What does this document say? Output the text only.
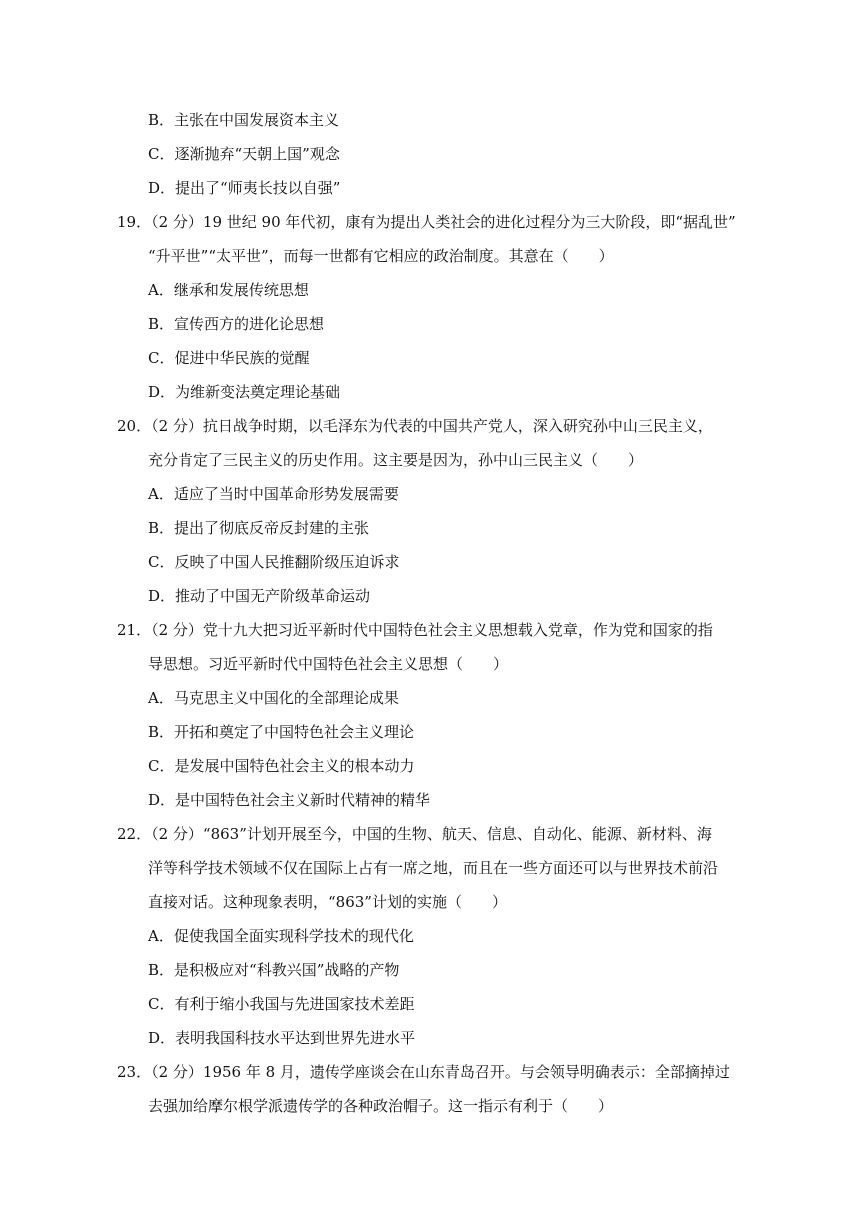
B．主张在中国发展资本主义
C．逐渐抛弃“天朝上国”观念
D．提出了“师夷长技以自强”
19．（2 分）19 世纪 90 年代初，康有为提出人类社会的进化过程分为三大阶段，即“据乱世”
“升平世”“太平世”，而每一世都有它相应的政治制度。其意在（　　）
A．继承和发展传统思想
B．宣传西方的进化论思想
C．促进中华民族的觉醒
D．为维新变法奠定理论基础
20．（2 分）抗日战争时期，以毛泽东为代表的中国共产党人，深入研究孙中山三民主义，
充分肯定了三民主义的历史作用。这主要是因为，孙中山三民主义（　　）
A．适应了当时中国革命形势发展需要
B．提出了彻底反帝反封建的主张
C．反映了中国人民推翻阶级压迫诉求
D．推动了中国无产阶级革命运动
21．（2 分）党十九大把习近平新时代中国特色社会主义思想载入党章，作为党和国家的指
导思想。习近平新时代中国特色社会主义思想（　　）
A．马克思主义中国化的全部理论成果
B．开拓和奠定了中国特色社会主义理论
C．是发展中国特色社会主义的根本动力
D．是中国特色社会主义新时代精神的精华
22．（2 分）“863”计划开展至今，中国的生物、航天、信息、自动化、能源、新材料、海
洋等科学技术领域不仅在国际上占有一席之地，而且在一些方面还可以与世界技术前沿
直接对话。这种现象表明，“863”计划的实施（　　）
A．促使我国全面实现科学技术的现代化
B．是积极应对“科教兴国”战略的产物
C．有利于缩小我国与先进国家技术差距
D．表明我国科技水平达到世界先进水平
23．（2 分）1956 年 8 月，遗传学座谈会在山东青岛召开。与会领导明确表示：全部摘掉过
去强加给摩尔根学派遗传学的各种政治帽子。这一指示有利于（　　）
